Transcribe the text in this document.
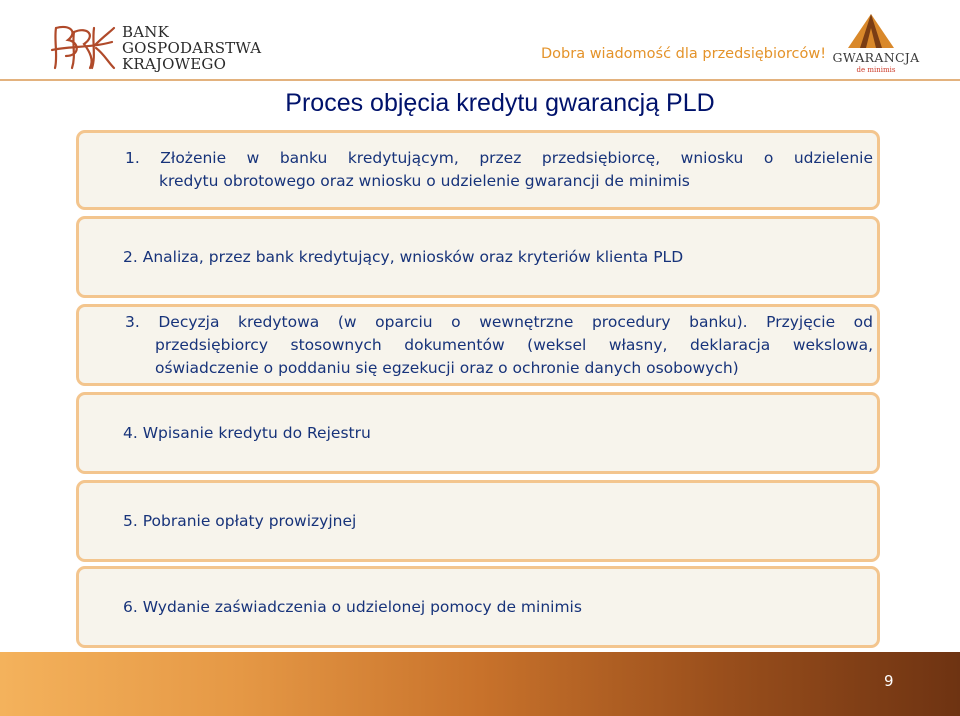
BANK
GOSPODARSTWA
KRAJOWEGO
Dobra wiadomość dla przedsiębiorców! GWARANCJA
de minimis
Proces objęcia kredytu gwarancją PLD
1. Złożenie w banku kredytującym, przez przedsiębiorcę, wniosku o udzielenie
kredytu obrotowego oraz wniosku o udzielenie gwarancji de minimis
2. Analiza, przez bank kredytujący, wniosków oraz kryteriów klienta PLD
3. Decyzja kredytowa (w oparciu o wewnętrzne procedury banku). Przyjęcie od
przedsiębiorcy stosownych dokumentów (weksel własny, deklaracja wekslowa,
oświadczenie o poddaniu się egzekucji oraz o ochronie danych osobowych)
4. Wpisanie kredytu do Rejestru
5. Pobranie opłaty prowizyjnej
6. Wydanie zaświadczenia o udzielonej pomocy de minimis
9
